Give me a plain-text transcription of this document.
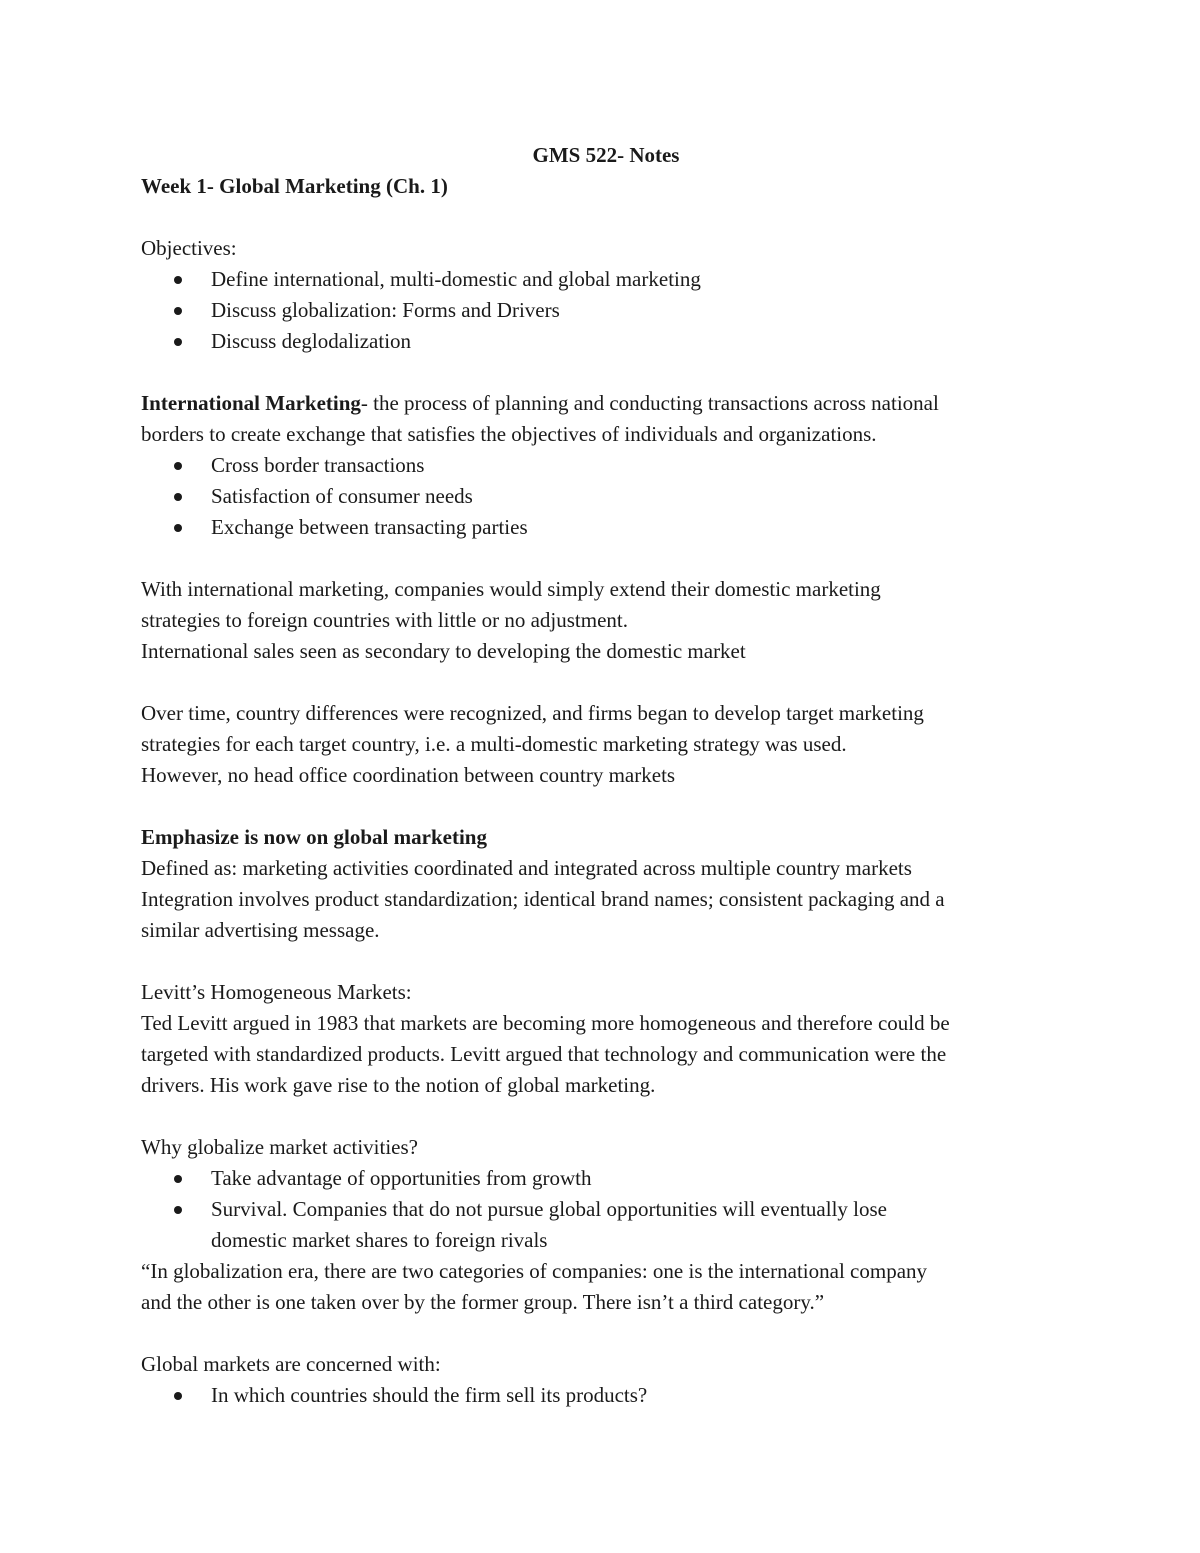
GMS 522- Notes

Week 1- Global Marketing (Ch. 1)

Objectives:

Define international, multi-domestic and global marketing
Discuss globalization: Forms and Drivers
Discuss deglodalization

International Marketing- the process of planning and conducting transactions across national

borders to create exchange that satisfies the objectives of individuals and organizations.

Cross border transactions
Satisfaction of consumer needs
Exchange between transacting parties

With international marketing, companies would simply extend their domestic marketing

strategies to foreign countries with little or no adjustment.

International sales seen as secondary to developing the domestic market

Over time, country differences were recognized, and firms began to develop target marketing

strategies for each target country, i.e. a multi-domestic marketing strategy was used.

However, no head office coordination between country markets

Emphasize is now on global marketing

Defined as: marketing activities coordinated and integrated across multiple country markets

Integration involves product standardization; identical brand names; consistent packaging and a

similar advertising message.

Levitt’s Homogeneous Markets:

Ted Levitt argued in 1983 that markets are becoming more homogeneous and therefore could be

targeted with standardized products. Levitt argued that technology and communication were the

drivers. His work gave rise to the notion of global marketing.

Why globalize market activities?

Take advantage of opportunities from growth
Survival. Companies that do not pursue global opportunities will eventually lose
domestic market shares to foreign rivals

“In globalization era, there are two categories of companies: one is the international company

and the other is one taken over by the former group. There isn’t a third category.”

Global markets are concerned with:

In which countries should the firm sell its products?
